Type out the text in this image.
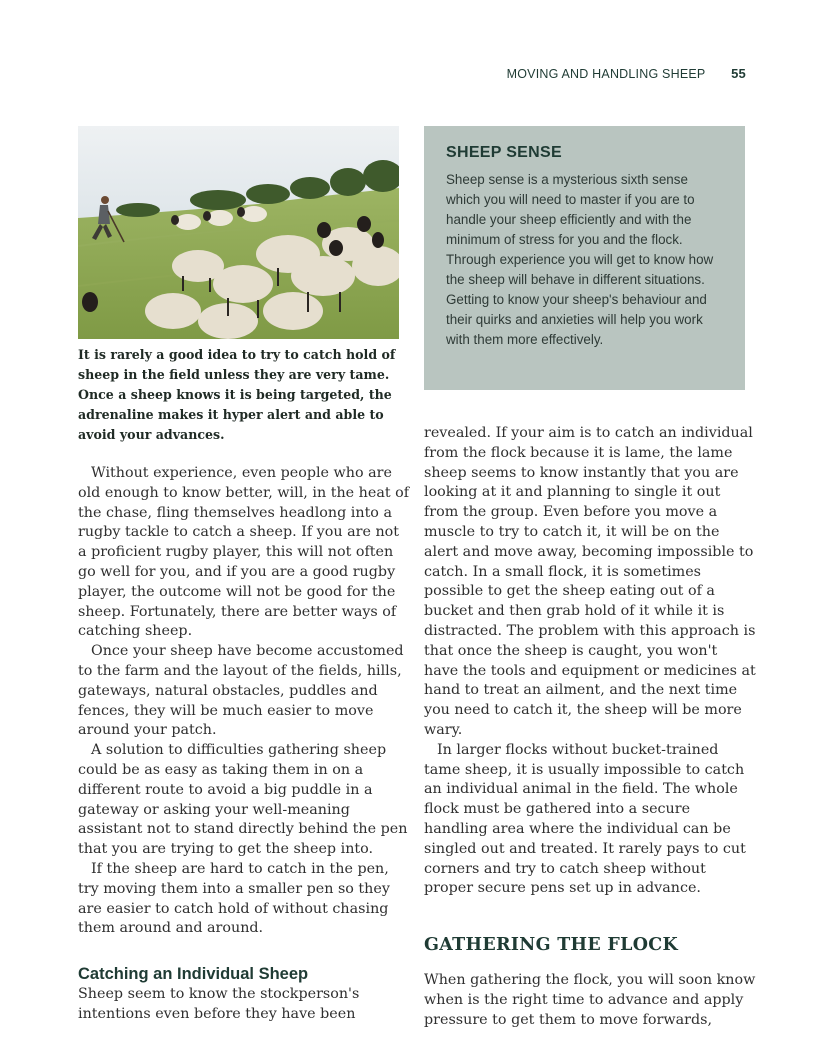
MOVING AND HANDLING SHEEP 55
It is rarely a good idea to try to catch hold of sheep in the field unless they are very tame. Once a sheep knows it is being targeted, the adrenaline makes it hyper alert and able to avoid your advances.
SHEEP SENSE

Sheep sense is a mysterious sixth sense which you will need to master if you are to handle your sheep efficiently and with the minimum of stress for you and the flock. Through experience you will get to know how the sheep will behave in different situations. Getting to know your sheep's behaviour and their quirks and anxieties will help you work with them more effectively.

Without experience, even people who are old enough to know better, will, in the heat of the chase, fling themselves headlong into a rugby tackle to catch a sheep. If you are not a proficient rugby player, this will not often go well for you, and if you are a good rugby player, the outcome will not be good for the sheep. Fortunately, there are better ways of catching sheep.

Once your sheep have become accustomed to the farm and the layout of the fields, hills, gateways, natural obstacles, puddles and fences, they will be much easier to move around your patch.

A solution to difficulties gathering sheep could be as easy as taking them in on a different route to avoid a big puddle in a gateway or asking your well-meaning assistant not to stand directly behind the pen that you are trying to get the sheep into.

If the sheep are hard to catch in the pen, try moving them into a smaller pen so they are easier to catch hold of without chasing them around and around.

Catching an Individual Sheep

Sheep seem to know the stockperson's intentions even before they have been

revealed. If your aim is to catch an individual from the flock because it is lame, the lame sheep seems to know instantly that you are looking at it and planning to single it out from the group. Even before you move a muscle to try to catch it, it will be on the alert and move away, becoming impossible to catch. In a small flock, it is sometimes possible to get the sheep eating out of a bucket and then grab hold of it while it is distracted. The problem with this approach is that once the sheep is caught, you won't have the tools and equipment or medicines at hand to treat an ailment, and the next time you need to catch it, the sheep will be more wary.

In larger flocks without bucket-trained tame sheep, it is usually impossible to catch an individual animal in the field. The whole flock must be gathered into a secure handling area where the individual can be singled out and treated. It rarely pays to cut corners and try to catch sheep without proper secure pens set up in advance.

GATHERING THE FLOCK

When gathering the flock, you will soon know when is the right time to advance and apply pressure to get them to move forwards,
